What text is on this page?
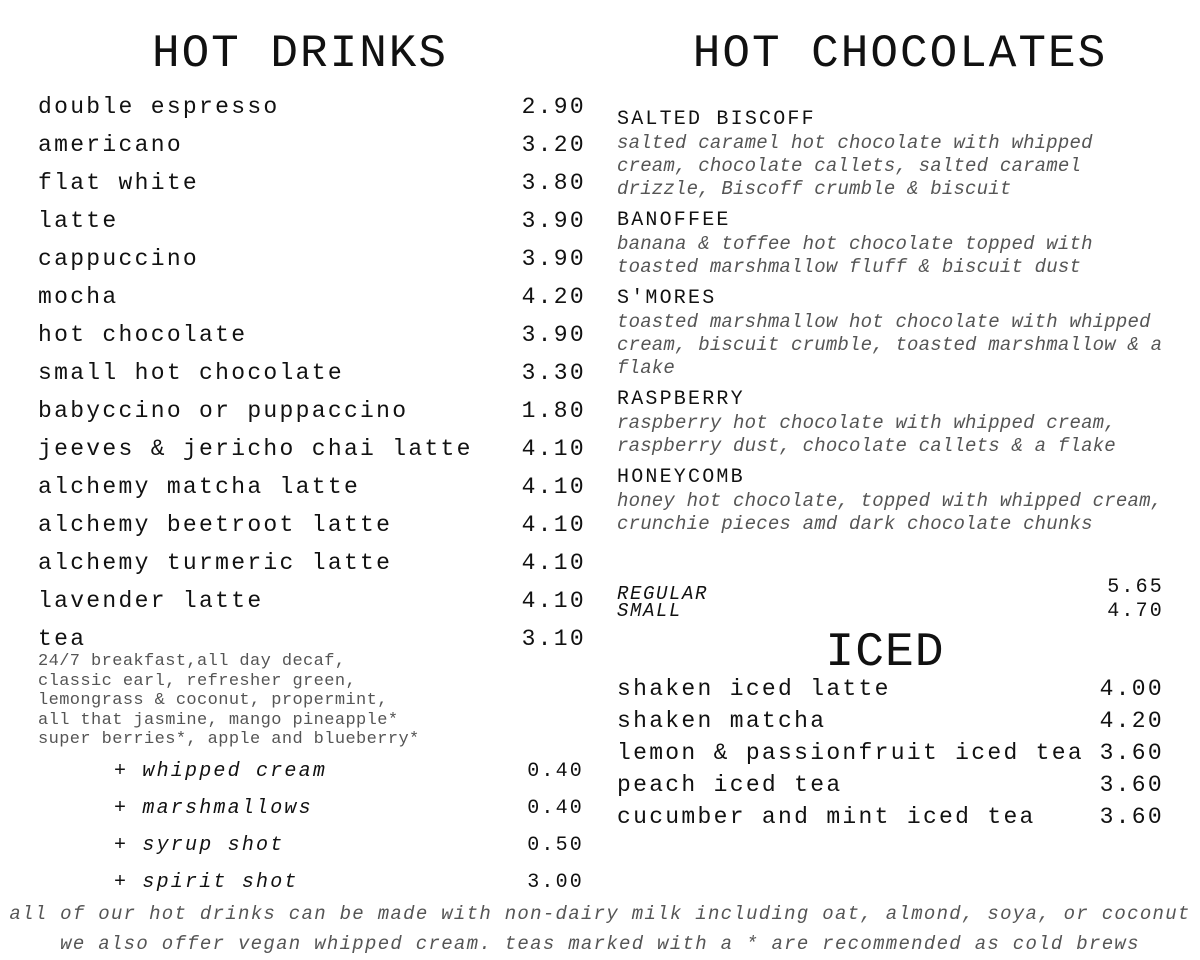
HOT DRINKS	HOT CHOCOLATES
double espresso	2.90
americano	3.20
flat white	3.80
latte	3.90
cappuccino	3.90
mocha	4.20
hot chocolate	3.90
small hot chocolate	3.30
babyccino or puppaccino	1.80
jeeves & jericho chai latte 4.10
alchemy matcha latte	4.10
alchemy beetroot latte	4.10
alchemy turmeric latte	4.10
lavender latte	4.10
tea	3.10
24/7 breakfast,all day decaf,
classic earl, refresher green,
lemongrass & coconut, propermint,
all that jasmine, mango pineapple*
super berries*, apple and blueberry*
+ whipped cream	0.40
+ marshmallows	0.40
+ syrup shot	0.50
+ spirit shot	3.00
SALTED BISCOFF
salted caramel hot chocolate with whipped cream, chocolate callets, salted caramel drizzle, Biscoff crumble & biscuit
BANOFFEE
banana & toffee hot chocolate topped with toasted marshmallow fluff & biscuit dust
S'MORES
toasted marshmallow hot chocolate with whipped cream, biscuit crumble, toasted marshmallow & a flake
RASPBERRY
raspberry hot chocolate with whipped cream, raspberry dust, chocolate callets & a flake
HONEYCOMB
honey hot chocolate, topped with whipped cream, crunchie pieces amd dark chocolate chunks
REGULAR	5.65
SMALL	4.70
ICED
shaken iced latte	4.00
shaken matcha	4.20
lemon & passionfruit iced tea 3.60
peach iced tea	3.60
cucumber and mint iced tea	3.60
all of our hot drinks can be made with non-dairy milk including oat, almond, soya, or coconut
we also offer vegan whipped cream. teas marked with a * are recommended as cold brews
